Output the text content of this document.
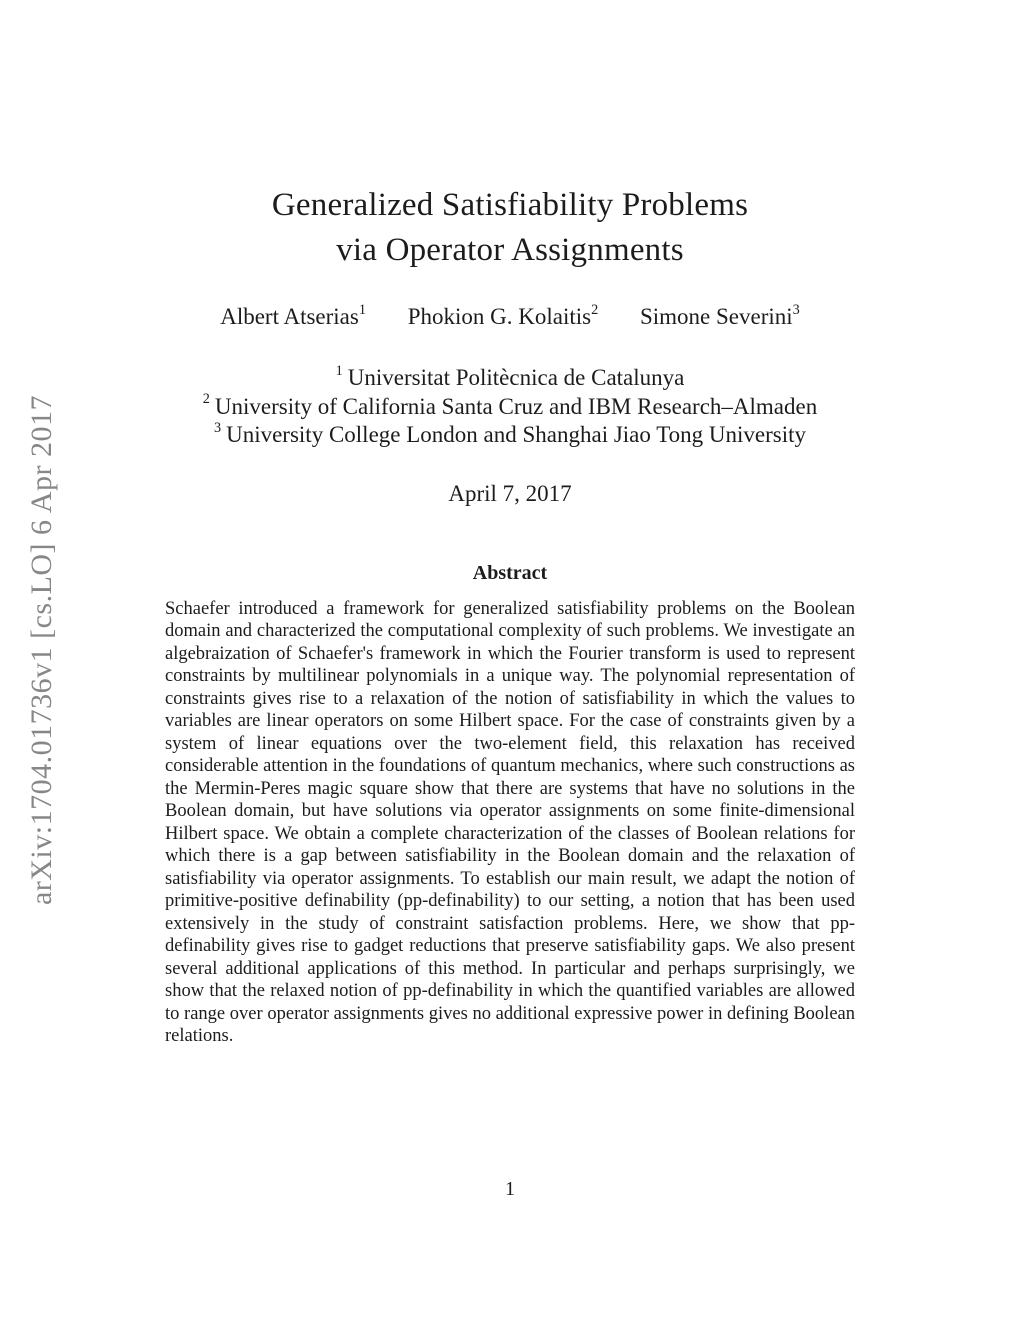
arXiv:1704.01736v1 [cs.LO] 6 Apr 2017
Generalized Satisfiability Problems
via Operator Assignments
Albert Atserias$^1$ Phokion G. Kolaitis$^2$ Simone Severini$^3$
$^1$ Universitat Politècnica de Catalunya
$^2$ University of California Santa Cruz and IBM Research–Almaden
$^3$ University College London and Shanghai Jiao Tong University
April 7, 2017
Abstract

Schaefer introduced a framework for generalized satisfiability problems on the Boolean domain and characterized the computational complexity of such problems. We investigate an algebraization of Schaefer's framework in which the Fourier transform is used to represent constraints by multilinear polynomials in a unique way. The polynomial representation of constraints gives rise to a relaxation of the notion of satisfiability in which the values to variables are linear operators on some Hilbert space. For the case of constraints given by a system of linear equations over the two-element field, this relaxation has received considerable attention in the foundations of quantum mechanics, where such constructions as the Mermin-Peres magic square show that there are systems that have no solutions in the Boolean domain, but have solutions via operator assignments on some finite-dimensional Hilbert space. We obtain a complete characterization of the classes of Boolean relations for which there is a gap between satisfiability in the Boolean domain and the relaxation of satisfiability via operator assignments. To establish our main result, we adapt the notion of primitive-positive definability (pp-definability) to our setting, a notion that has been used extensively in the study of constraint satisfaction problems. Here, we show that pp-definability gives rise to gadget reductions that preserve satisfiability gaps. We also present several additional applications of this method. In particular and perhaps surprisingly, we show that the relaxed notion of pp-definability in which the quantified variables are allowed to range over operator assignments gives no additional expressive power in defining Boolean relations.

1
